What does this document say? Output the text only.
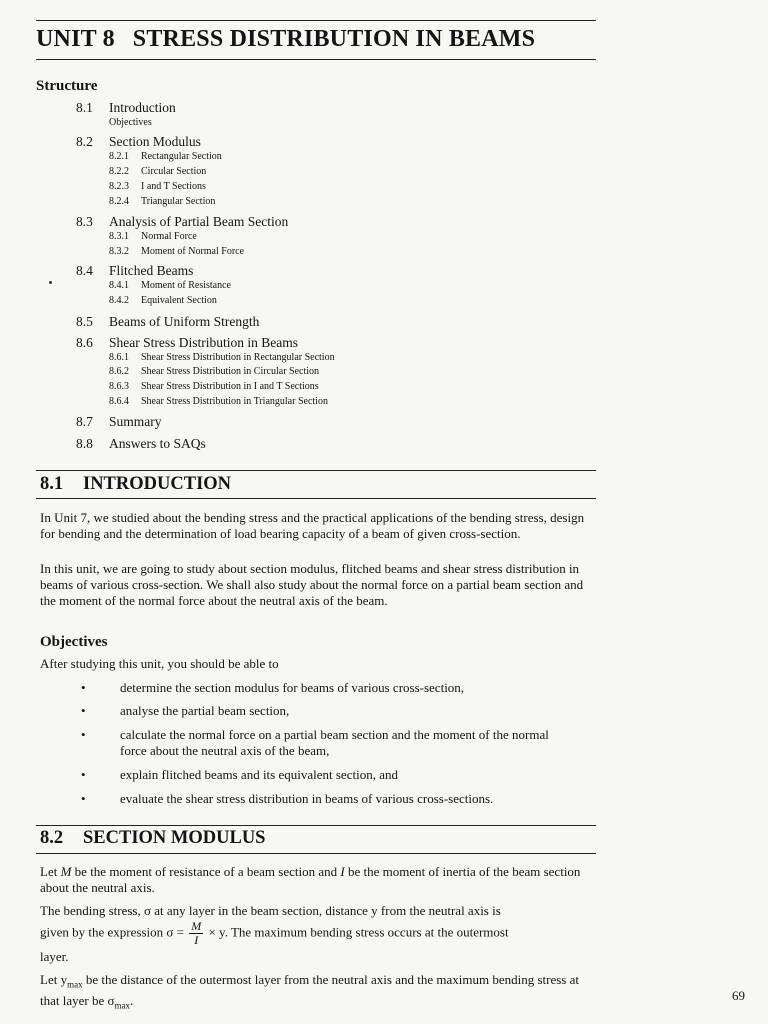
UNIT 8 STRESS DISTRIBUTION IN BEAMS
Structure
8.1 Introduction
Objectives
8.2 Section Modulus
8.2.1 Rectangular Section
8.2.2 Circular Section
8.2.3 I and T Sections
8.2.4 Triangular Section
8.3 Analysis of Partial Beam Section
8.3.1 Normal Force
8.3.2 Moment of Normal Force
8.4 Flitched Beams
8.4.1 Moment of Resistance
8.4.2 Equivalent Section
8.5 Beams of Uniform Strength
8.6 Shear Stress Distribution in Beams
8.6.1 Shear Stress Distribution in Rectangular Section
8.6.2 Shear Stress Distribution in Circular Section
8.6.3 Shear Stress Distribution in I and T Sections
8.6.4 Shear Stress Distribution in Triangular Section
8.7 Summary
8.8 Answers to SAQs
8.1 INTRODUCTION
In Unit 7, we studied about the bending stress and the practical applications of the bending stress, design for bending and the determination of load bearing capacity of a beam of given cross-section.
In this unit, we are going to study about section modulus, flitched beams and shear stress distribution in beams of various cross-section. We shall also study about the normal force on a partial beam section and the moment of the normal force about the neutral axis of the beam.
Objectives
After studying this unit, you should be able to
•	determine the section modulus for beams of various cross-section,
•	analyse the partial beam section,
•	calculate the normal force on a partial beam section and the moment of the normal force about the neutral axis of the beam,
•	explain flitched beams and its equivalent section, and
•	evaluate the shear stress distribution in beams of various cross-sections.
8.2 SECTION MODULUS
Let M be the moment of resistance of a beam section and I be the moment of inertia of the beam section about the neutral axis.
The bending stress, σ at any layer in the beam section, distance y from the neutral axis is
given by the expression $\sigma = \frac{M}{I} \times y$. The maximum bending stress occurs at the outermost
layer.
Let $y_{max}$ be the distance of the outermost layer from the neutral axis and the maximum bending stress at that layer be $\sigma_{max}$.	69
